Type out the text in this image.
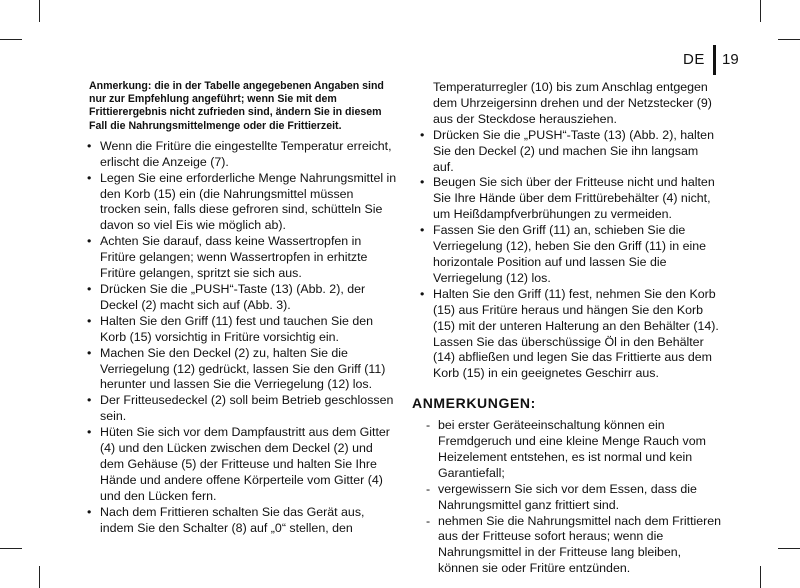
DE 19

Anmerkung: die in der Tabelle angegebenen Angaben sind nur zur Empfehlung angeführt; wenn Sie mit dem Frittierergebnis nicht zufrieden sind, ändern Sie in diesem Fall die Nahrungsmittelmenge oder die Frittierzeit.

• Wenn die Fritüre die eingestellte Temperatur erreicht, erlischt die Anzeige (7).
• Legen Sie eine erforderliche Menge Nahrungsmittel in den Korb (15) ein (die Nahrungsmittel müssen trocken sein, falls diese gefroren sind, schütteln Sie davon so viel Eis wie möglich ab).
• Achten Sie darauf, dass keine Wassertropfen in Fritüre gelangen; wenn Wassertropfen in erhitzte Fritüre gelangen, spritzt sie sich aus.
• Drücken Sie die „PUSH“-Taste (13) (Abb. 2), der Deckel (2) macht sich auf (Abb. 3).
• Halten Sie den Griff (11) fest und tauchen Sie den Korb (15) vorsichtig in Fritüre vorsichtig ein.
• Machen Sie den Deckel (2) zu, halten Sie die Verriegelung (12) gedrückt, lassen Sie den Griff (11) herunter und lassen Sie die Verriegelung (12) los.
• Der Fritteusedeckel (2) soll beim Betrieb geschlossen sein.
• Hüten Sie sich vor dem Dampfaustritt aus dem Gitter (4) und den Lücken zwischen dem Deckel (2) und dem Gehäuse (5) der Fritteuse und halten Sie Ihre Hände und andere offene Körperteile vom Gitter (4) und den Lücken fern.
• Nach dem Frittieren schalten Sie das Gerät aus, indem Sie den Schalter (8) auf „0“ stellen, den
Temperaturregler (10) bis zum Anschlag entgegen dem Uhrzeigersinn drehen und der Netzstecker (9) aus der Steckdose herausziehen.
• Drücken Sie die „PUSH“-Taste (13) (Abb. 2), halten Sie den Deckel (2) und machen Sie ihn langsam auf.
• Beugen Sie sich über der Fritteuse nicht und halten Sie Ihre Hände über dem Frittürebehälter (4) nicht, um Heißdampfverbrühungen zu vermeiden.
• Fassen Sie den Griff (11) an, schieben Sie die Verriegelung (12), heben Sie den Griff (11) in eine horizontale Position auf und lassen Sie die Verriegelung (12) los.
• Halten Sie den Griff (11) fest, nehmen Sie den Korb (15) aus Fritüre heraus und hängen Sie den Korb (15) mit der unteren Halterung an den Behälter (14). Lassen Sie das überschüssige Öl in den Behälter (14) abfließen und legen Sie das Frittierte aus dem Korb (15) in ein geeignetes Geschirr aus.
ANMERKUNGEN:
- bei erster Geräteeinschaltung können ein Fremdgeruch und eine kleine Menge Rauch vom Heizelement entstehen, es ist normal und kein Garantiefall;
- vergewissern Sie sich vor dem Essen, dass die Nahrungsmittel ganz frittiert sind.
- nehmen Sie die Nahrungsmittel nach dem Frittieren aus der Fritteuse sofort heraus; wenn die Nahrungsmittel in der Fritteuse lang bleiben, können sie oder Fritüre entzünden.
